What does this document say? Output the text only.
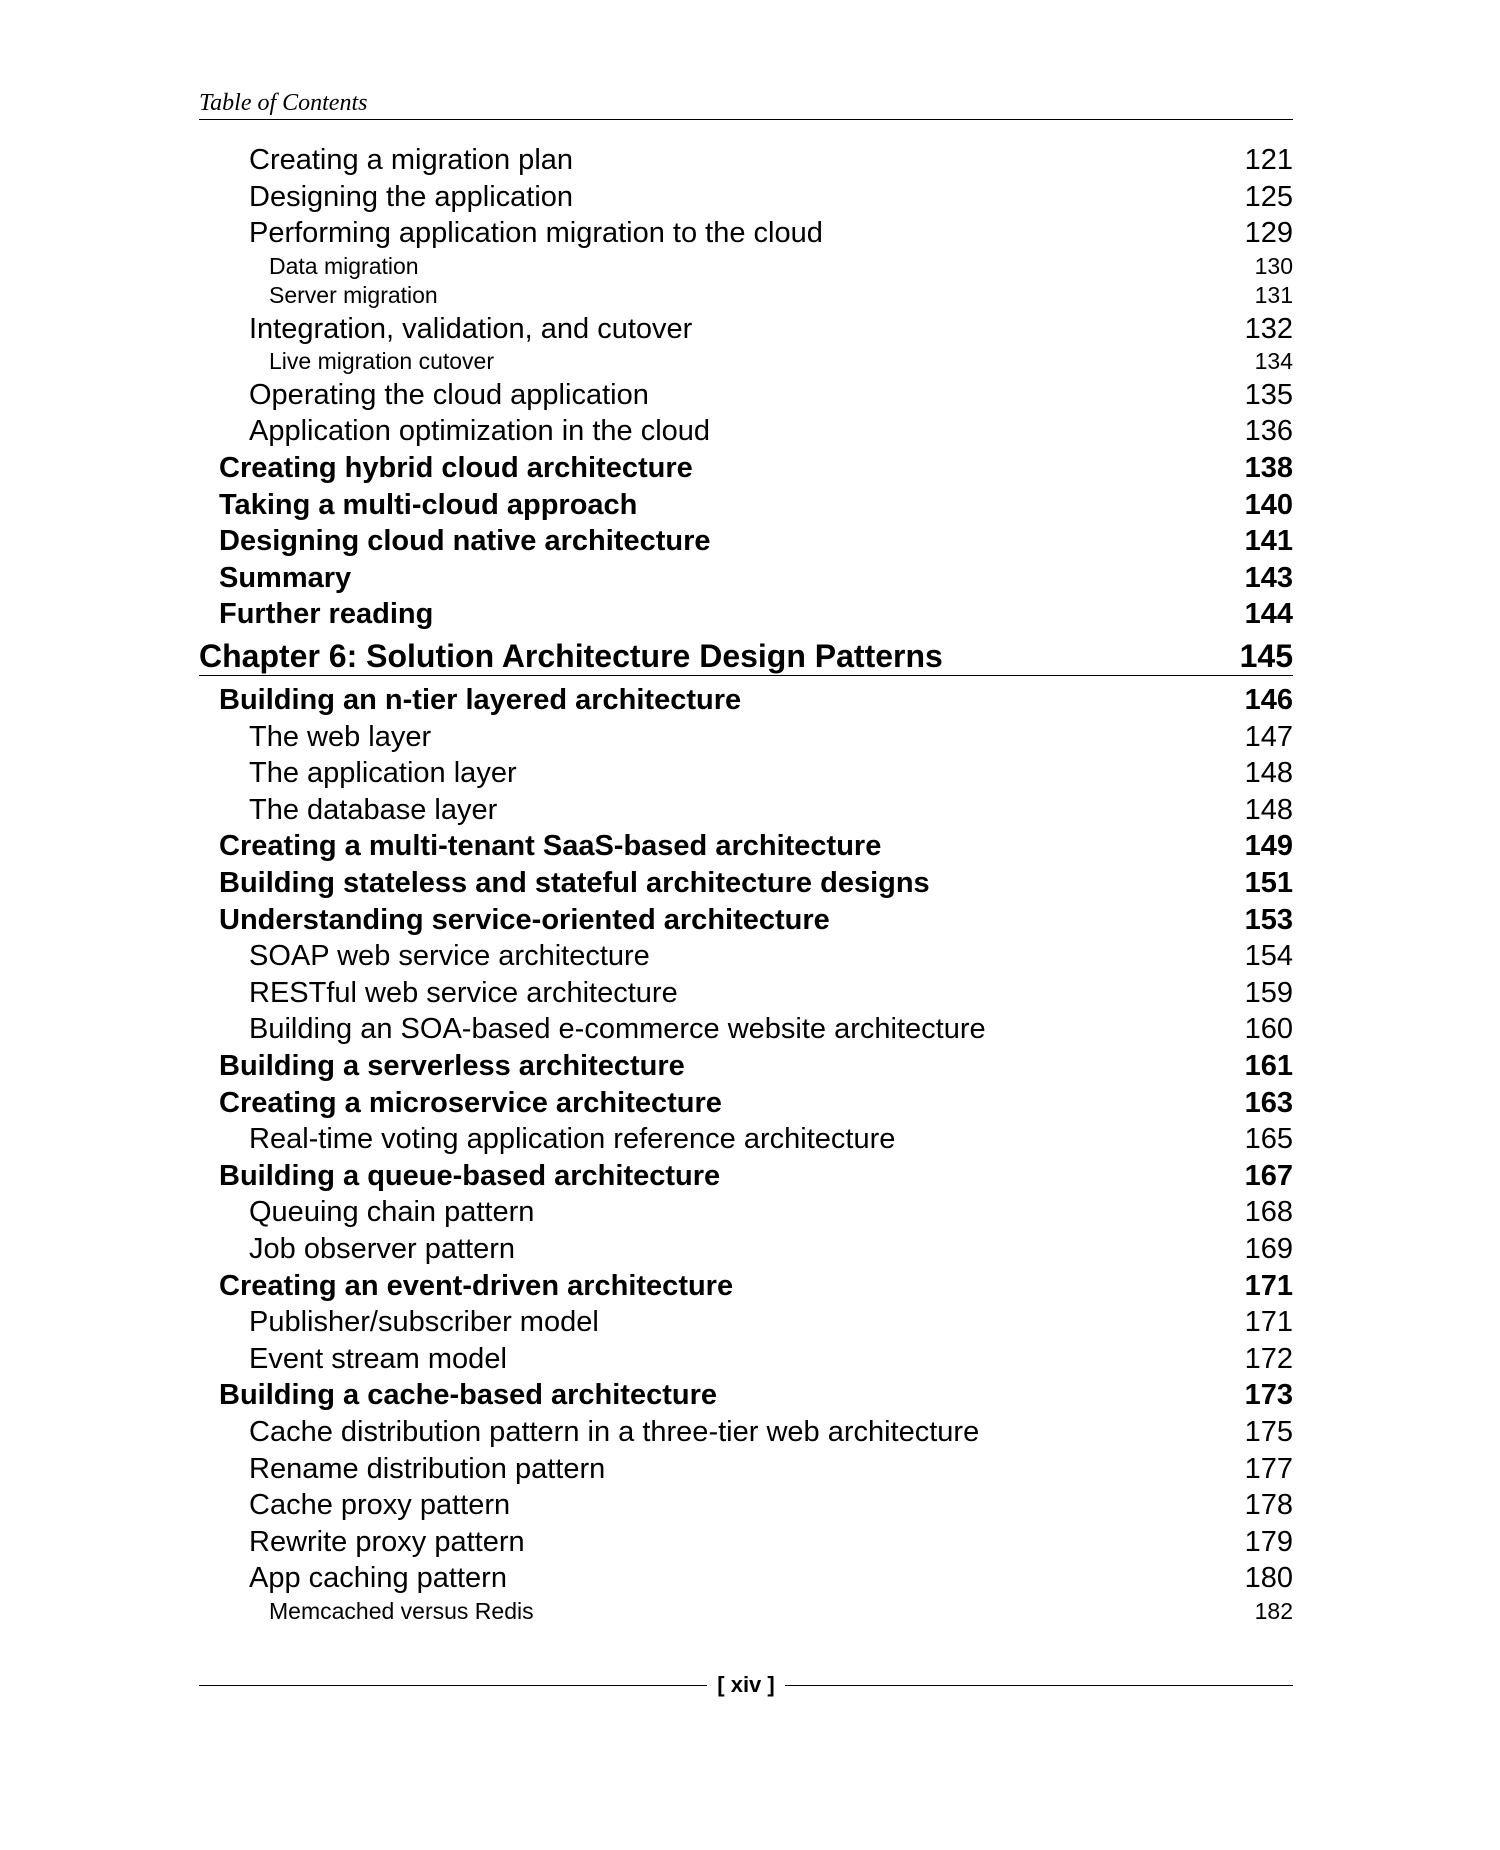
Table of Contents
Creating a migration plan	121
Designing the application	125
Performing application migration to the cloud	129
Data migration	130
Server migration	131
Integration, validation, and cutover	132
Live migration cutover	134
Operating the cloud application	135
Application optimization in the cloud	136
Creating hybrid cloud architecture	138
Taking a multi-cloud approach	140
Designing cloud native architecture	141
Summary	143
Further reading	144
Chapter 6: Solution Architecture Design Patterns	145
Building an n-tier layered architecture	146
The web layer	147
The application layer	148
The database layer	148
Creating a multi-tenant SaaS-based architecture	149
Building stateless and stateful architecture designs	151
Understanding service-oriented architecture	153
SOAP web service architecture	154
RESTful web service architecture	159
Building an SOA-based e-commerce website architecture	160
Building a serverless architecture	161
Creating a microservice architecture	163
Real-time voting application reference architecture	165
Building a queue-based architecture	167
Queuing chain pattern	168
Job observer pattern	169
Creating an event-driven architecture	171
Publisher/subscriber model	171
Event stream model	172
Building a cache-based architecture	173
Cache distribution pattern in a three-tier web architecture	175
Rename distribution pattern	177
Cache proxy pattern	178
Rewrite proxy pattern	179
App caching pattern	180
Memcached versus Redis	182
[ xiv ]
